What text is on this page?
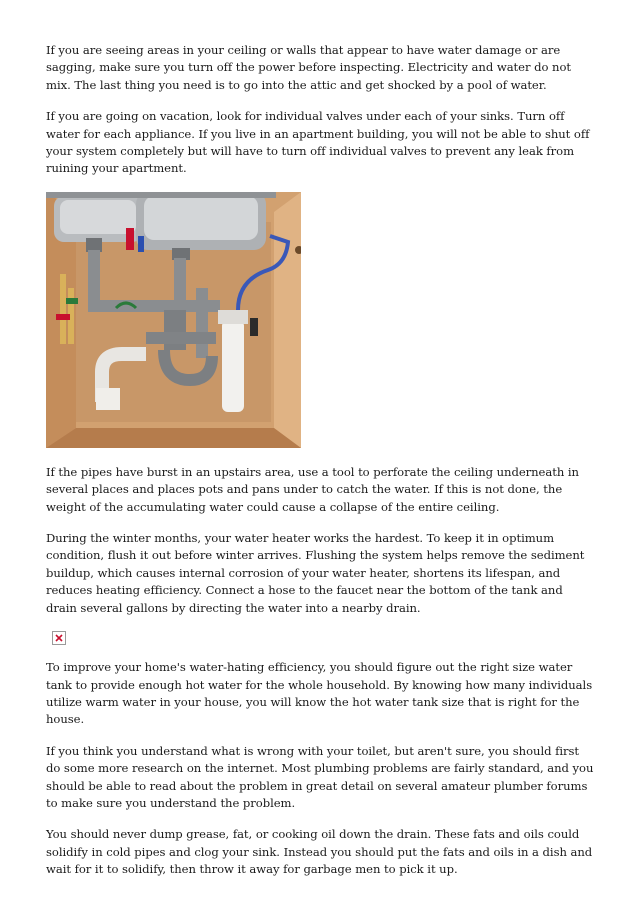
If you are seeing areas in your ceiling or walls that appear to have water damage or are sagging, make sure you turn off the power before inspecting. Electricity and water do not mix. The last thing you need is to go into the attic and get shocked by a pool of water.

If you are going on vacation, look for individual valves under each of your sinks. Turn off water for each appliance. If you live in an apartment building, you will not be able to shut off your system completely but will have to turn off individual valves to prevent any leak from ruining your apartment.

If the pipes have burst in an upstairs area, use a tool to perforate the ceiling underneath in several places and places pots and pans under to catch the water. If this is not done, the weight of the accumulating water could cause a collapse of the entire ceiling.

During the winter months, your water heater works the hardest. To keep it in optimum condition, flush it out before winter arrives. Flushing the system helps remove the sediment buildup, which causes internal corrosion of your water heater, shortens its lifespan, and reduces heating efficiency. Connect a hose to the faucet near the bottom of the tank and drain several gallons by directing the water into a nearby drain.

To improve your home's water-hating efficiency, you should figure out the right size water tank to provide enough hot water for the whole household. By knowing how many individuals utilize warm water in your house, you will know the hot water tank size that is right for the house.

If you think you understand what is wrong with your toilet, but aren't sure, you should first do some more research on the internet. Most plumbing problems are fairly standard, and you should be able to read about the problem in great detail on several amateur plumber forums to make sure you understand the problem.

You should never dump grease, fat, or cooking oil down the drain. These fats and oils could solidify in cold pipes and clog your sink. Instead you should put the fats and oils in a dish and wait for it to solidify, then throw it away for garbage men to pick it up.
